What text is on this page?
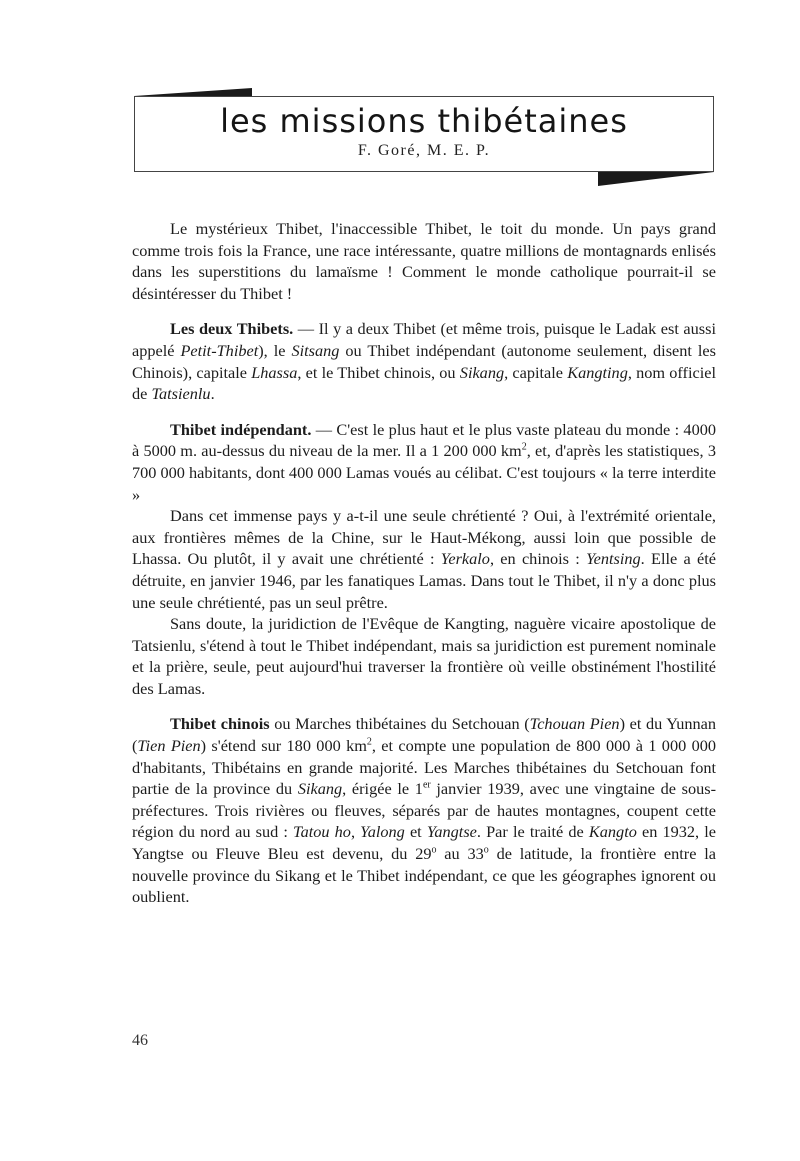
les missions thibétaines
F. Goré, M. E. P.

Le mystérieux Thibet, l'inaccessible Thibet, le toit du monde. Un pays grand comme trois fois la France, une race intéressante, quatre millions de montagnards enlisés dans les superstitions du lamaïsme ! Comment le monde catholique pourrait-il se désintéresser du Thibet !

Les deux Thibets. — Il y a deux Thibet (et même trois, puisque le Ladak est aussi appelé Petit-Thibet), le Sitsang ou Thibet indépendant (autonome seulement, disent les Chinois), capitale Lhassa, et le Thibet chinois, ou Sikang, capitale Kangting, nom officiel de Tatsienlu.

Thibet indépendant. — C'est le plus haut et le plus vaste plateau du monde : 4000 à 5000 m. au-dessus du niveau de la mer. Il a 1 200 000 $km^2$, et, d'après les statistiques, 3 700 000 habitants, dont 400 000 Lamas voués au célibat. C'est toujours « la terre interdite »

Dans cet immense pays y a-t-il une seule chrétienté ? Oui, à l'extrémité orientale, aux frontières mêmes de la Chine, sur le Haut-Mékong, aussi loin que possible de Lhassa. Ou plutôt, il y avait une chrétienté : Yerkalo, en chinois : Yentsing. Elle a été détruite, en janvier 1946, par les fanatiques Lamas. Dans tout le Thibet, il n'y a donc plus une seule chrétienté, pas un seul prêtre.

Sans doute, la juridiction de l'Evêque de Kangting, naguère vicaire apostolique de Tatsienlu, s'étend à tout le Thibet indépendant, mais sa juridiction est purement nominale et la prière, seule, peut aujourd'hui traverser la frontière où veille obstinément l'hostilité des Lamas.

Thibet chinois ou Marches thibétaines du Setchouan (Tchouan Pien) et du Yunnan (Tien Pien) s'étend sur 180 000 $km^2$, et compte une population de 800 000 à 1 000 000 d'habitants, Thibétains en grande majorité. Les Marches thibétaines du Setchouan font partie de la province du Sikang, érigée le 1er janvier 1939, avec une vingtaine de sous-préfectures. Trois rivières ou fleuves, séparés par de hautes montagnes, coupent cette région du nord au sud : Tatou ho, Yalong et Yangtse. Par le traité de Kangto en 1932, le Yangtse ou Fleuve Bleu est devenu, du 29$^o$ au 33$^o$ de latitude, la frontière entre la nouvelle province du Sikang et le Thibet indépendant, ce que les géographes ignorent ou oublient.

46
